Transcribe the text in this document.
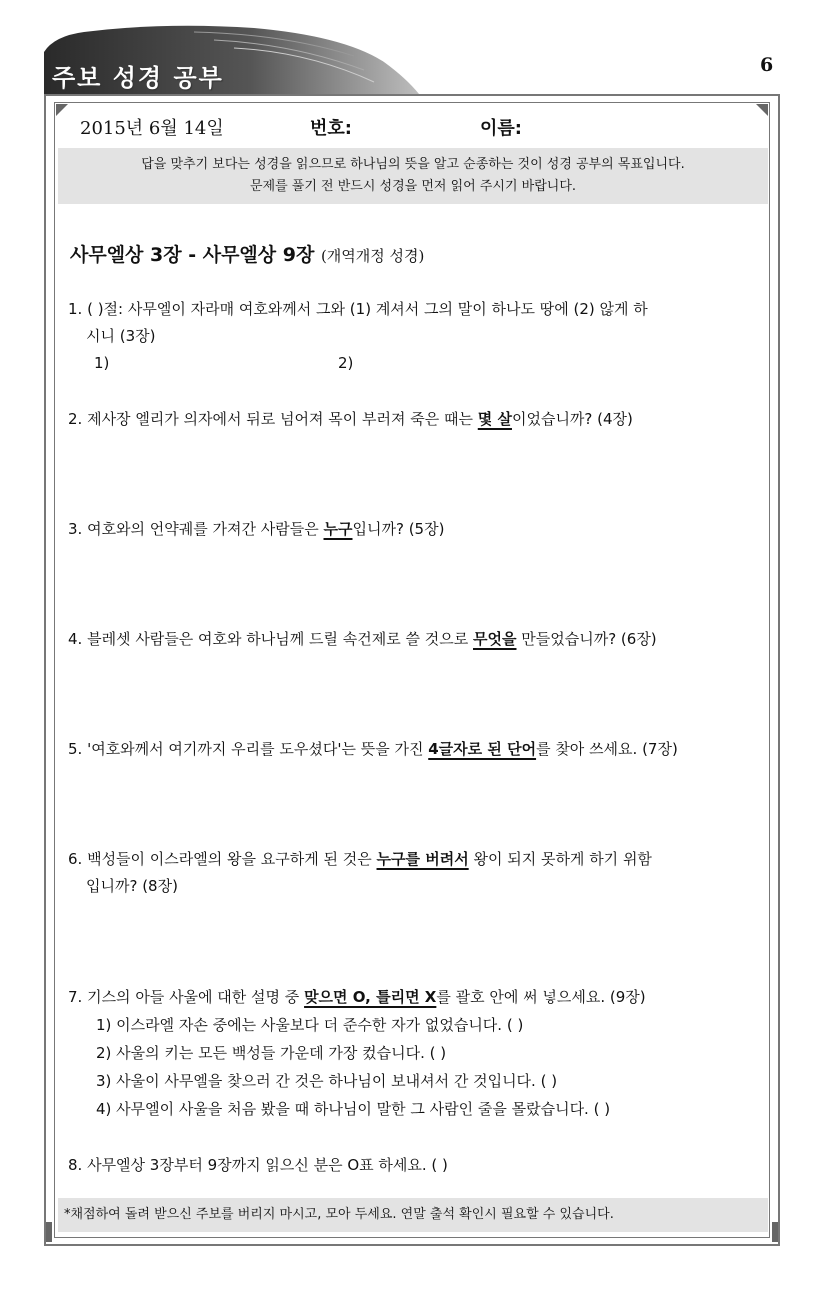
주보 성경 공부	6
2015년 6월 14일	번호:	이름:
답을 맞추기 보다는 성경을 읽으므로 하나님의 뜻을 알고 순종하는 것이 성경 공부의 목표입니다.
문제를 풀기 전 반드시 성경을 먼저 읽어 주시기 바랍니다.
사무엘상 3장 - 사무엘상 9장 (개역개정 성경)
1. ( )절: 사무엘이 자라매 여호와께서 그와 (1) 계셔서 그의 말이 하나도 땅에 (2) 않게 하
시니 (3장)
1)	2)
2. 제사장 엘리가 의자에서 뒤로 넘어져 목이 부러져 죽은 때는 몇 살이었습니까? (4장)
3. 여호와의 언약궤를 가져간 사람들은 누구입니까? (5장)
4. 블레셋 사람들은 여호와 하나님께 드릴 속건제로 쓸 것으로 무엇을 만들었습니까? (6장)
5. '여호와께서 여기까지 우리를 도우셨다'는 뜻을 가진 4글자로 된 단어를 찾아 쓰세요. (7장)
6. 백성들이 이스라엘의 왕을 요구하게 된 것은 누구를 버려서 왕이 되지 못하게 하기 위함
입니까? (8장)
7. 기스의 아들 사울에 대한 설명 중 맞으면 O, 틀리면 X를 괄호 안에 써 넣으세요. (9장)
1) 이스라엘 자손 중에는 사울보다 더 준수한 자가 없었습니다. ( )
2) 사울의 키는 모든 백성들 가운데 가장 컸습니다. ( )
3) 사울이 사무엘을 찾으러 간 것은 하나님이 보내셔서 간 것입니다. ( )
4) 사무엘이 사울을 처음 봤을 때 하나님이 말한 그 사람인 줄을 몰랐습니다. ( )
8. 사무엘상 3장부터 9장까지 읽으신 분은 O표 하세요. ( )
*채점하여 돌려 받으신 주보를 버리지 마시고, 모아 두세요. 연말 출석 확인시 필요할 수 있습니다.
